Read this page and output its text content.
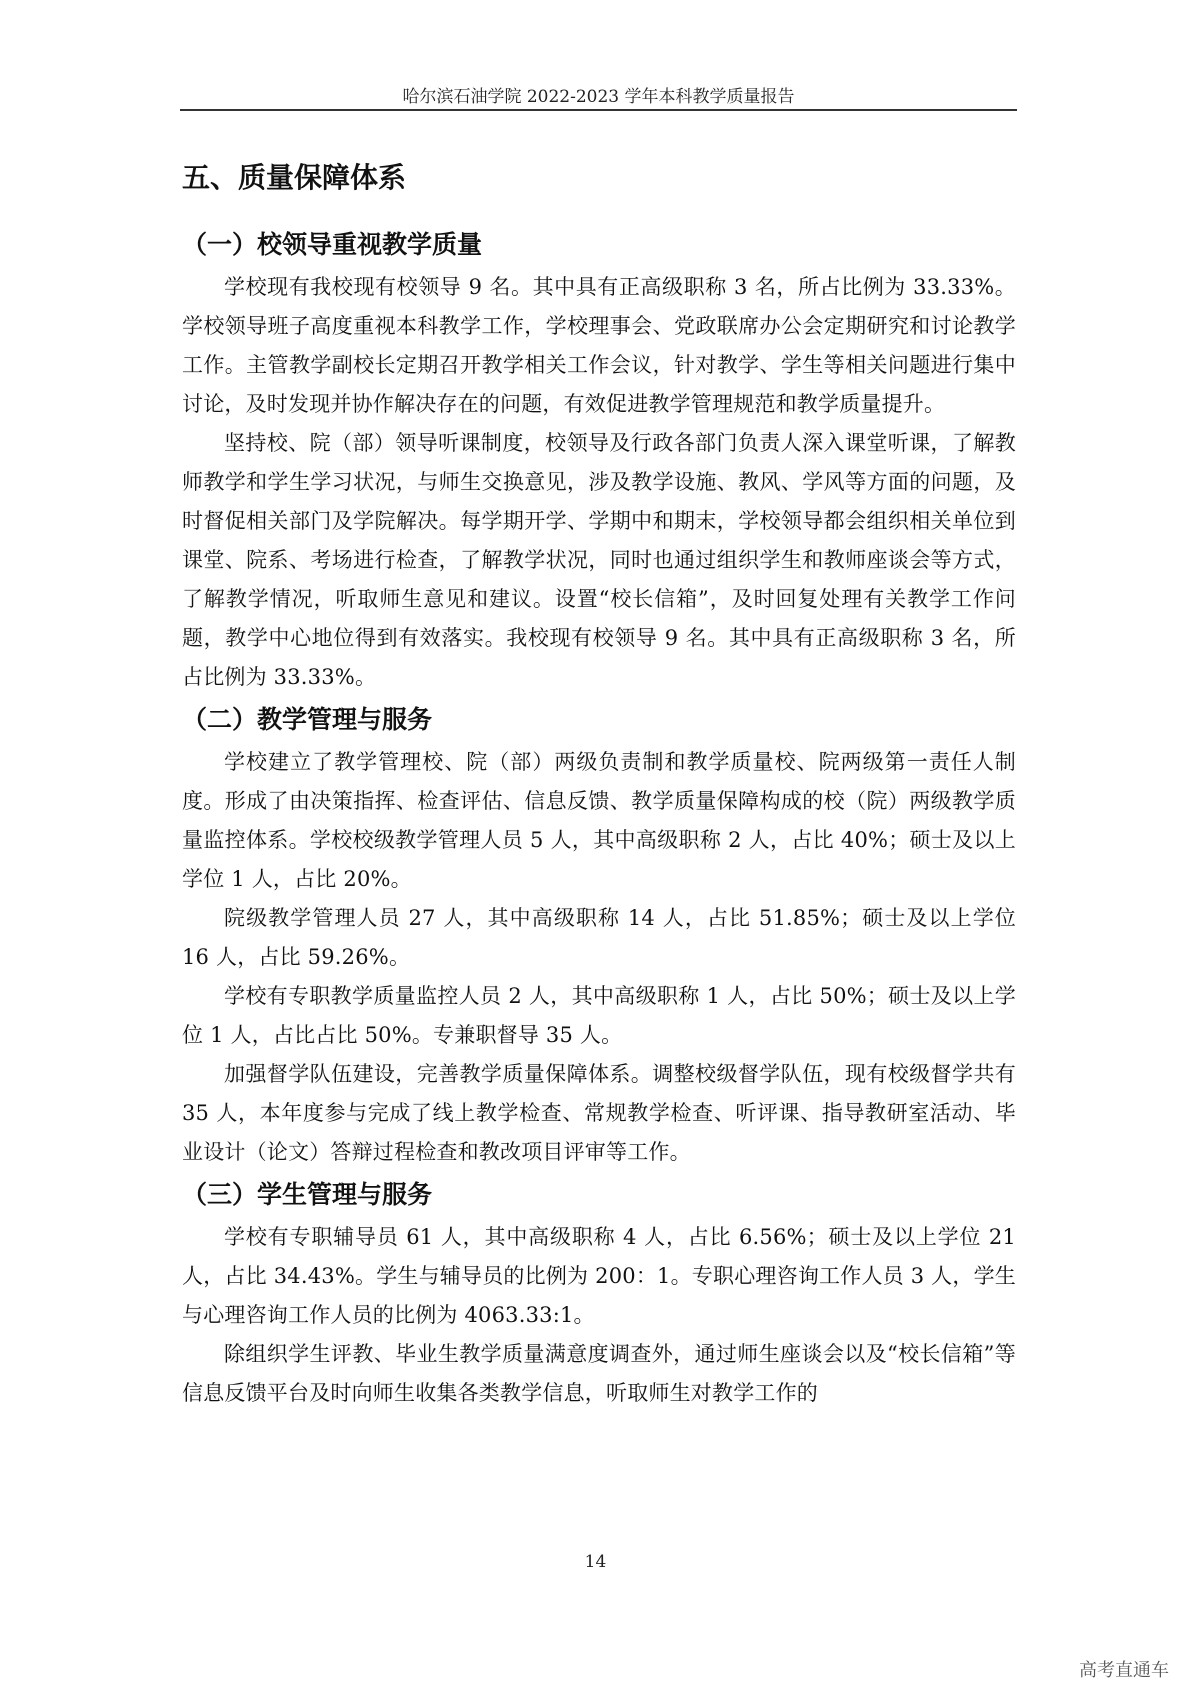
哈尔滨石油学院 2022-2023 学年本科教学质量报告
五、质量保障体系
（一）校领导重视教学质量

学校现有我校现有校领导 9 名。其中具有正高级职称 3 名，所占比例为 33.33%。学校领导班子高度重视本科教学工作，学校理事会、党政联席办公会定期研究和讨论教学工作。主管教学副校长定期召开教学相关工作会议，针对教学、学生等相关问题进行集中讨论，及时发现并协作解决存在的问题，有效促进教学管理规范和教学质量提升。

坚持校、院（部）领导听课制度，校领导及行政各部门负责人深入课堂听课，了解教师教学和学生学习状况，与师生交换意见，涉及教学设施、教风、学风等方面的问题，及时督促相关部门及学院解决。每学期开学、学期中和期末，学校领导都会组织相关单位到课堂、院系、考场进行检查，了解教学状况，同时也通过组织学生和教师座谈会等方式，了解教学情况，听取师生意见和建议。设置“校长信箱”，及时回复处理有关教学工作问题，教学中心地位得到有效落实。我校现有校领导 9 名。其中具有正高级职称 3 名，所占比例为 33.33%。

（二）教学管理与服务

学校建立了教学管理校、院（部）两级负责制和教学质量校、院两级第一责任人制度。形成了由决策指挥、检查评估、信息反馈、教学质量保障构成的校（院）两级教学质量监控体系。学校校级教学管理人员 5 人，其中高级职称 2 人，占比 40%；硕士及以上学位 1 人，占比 20%。

院级教学管理人员 27 人，其中高级职称 14 人，占比 51.85%；硕士及以上学位 16 人，占比 59.26%。

学校有专职教学质量监控人员 2 人，其中高级职称 1 人，占比 50%；硕士及以上学位 1 人，占比占比 50%。专兼职督导 35 人。

加强督学队伍建设，完善教学质量保障体系。调整校级督学队伍，现有校级督学共有 35 人，本年度参与完成了线上教学检查、常规教学检查、听评课、指导教研室活动、毕业设计（论文）答辩过程检查和教改项目评审等工作。

（三）学生管理与服务

学校有专职辅导员 61 人，其中高级职称 4 人，占比 6.56%；硕士及以上学位 21 人，占比 34.43%。学生与辅导员的比例为 200：1。专职心理咨询工作人员 3 人，学生与心理咨询工作人员的比例为 4063.33:1。

除组织学生评教、毕业生教学质量满意度调查外，通过师生座谈会以及“校长信箱”等信息反馈平台及时向师生收集各类教学信息，听取师生对教学工作的

14
高考直通车
